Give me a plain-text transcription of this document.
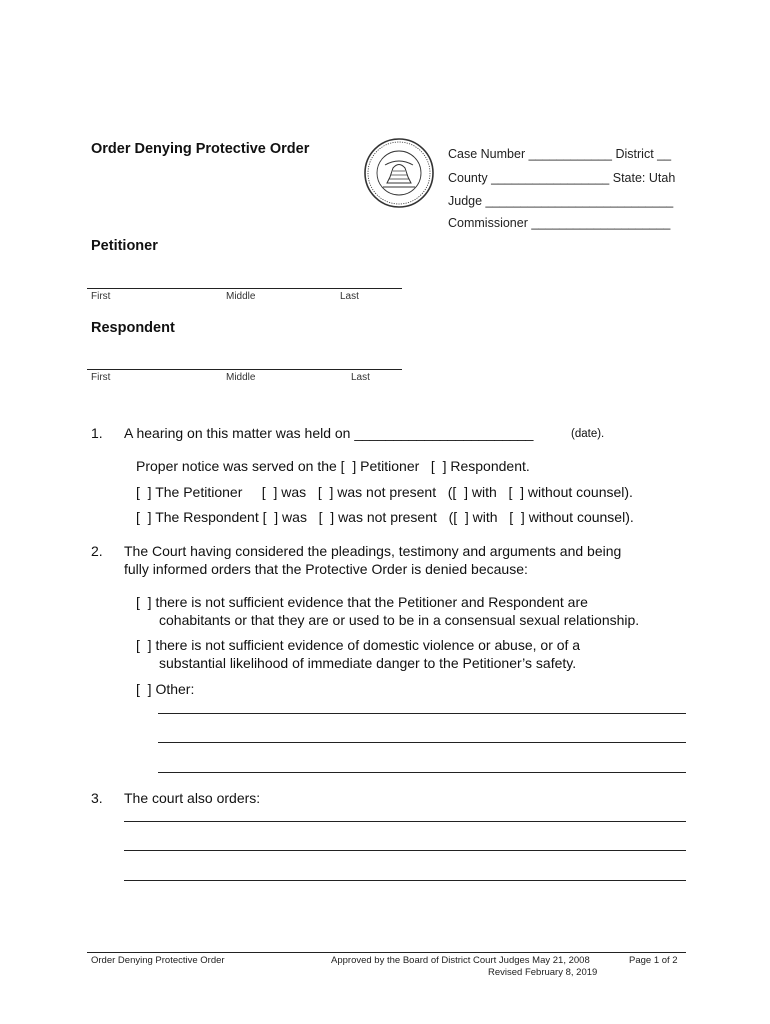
Order Denying Protective Order	Case Number ____________ District __
County _________________ State: Utah
Judge ___________________________
Commissioner ____________________
Petitioner
First	Middle	Last
Respondent
First	Middle	Last
1. A hearing on this matter was held on _______________________	(date).
Proper notice was served on the [  ] Petitioner   [  ] Respondent.
[  ] The Petitioner     [  ] was   [  ] was not present   ([  ] with   [  ] without counsel).
[  ] The Respondent [  ] was   [  ] was not present   ([  ] with   [  ] without counsel).
2. The Court having considered the pleadings, testimony and arguments and being
fully informed orders that the Protective Order is denied because:
[  ] there is not sufficient evidence that the Petitioner and Respondent are
cohabitants or that they are or used to be in a consensual sexual relationship.
[  ] there is not sufficient evidence of domestic violence or abuse, or of a
substantial likelihood of immediate danger to the Petitioner’s safety.
[  ] Other:
3. The court also orders:
Order Denying Protective Order	Approved by the Board of District Court Judges May 21, 2008
Revised February 8, 2019
Page 1 of 2
